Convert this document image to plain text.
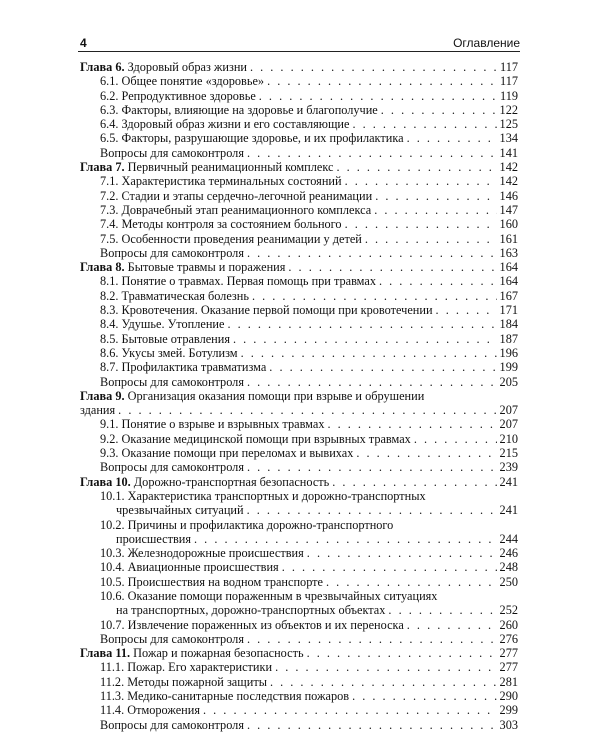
4	Оглавление
Глава 6. Здоровый образ жизни . . .	117
6.1. Общее понятие «здоровье» . . .	117
6.2. Репродуктивное здоровье . . .	119
6.3. Факторы, влияющие на здоровье и благополучие . . .	122
6.4. Здоровый образ жизни и его составляющие . . .	125
6.5. Факторы, разрушающие здоровье, и их профилактика . . .	134
Вопросы для самоконтроля . . .	141
Глава 7. Первичный реанимационный комплекс . . .	142
7.1. Характеристика терминальных состояний . . .	142
7.2. Стадии и этапы сердечно-легочной реанимации . . .	146
7.3. Доврачебный этап реанимационного комплекса . . .	147
7.4. Методы контроля за состоянием больного . . .	160
7.5. Особенности проведения реанимации у детей . . .	161
Вопросы для самоконтроля . . .	163
Глава 8. Бытовые травмы и поражения . . .	164
8.1. Понятие о травмах. Первая помощь при травмах . . .	164
8.2. Травматическая болезнь . . .	167
8.3. Кровотечения. Оказание первой помощи при кровотечении . . .	171
8.4. Удушье. Утопление . . .	184
8.5. Бытовые отравления . . .	187
8.6. Укусы змей. Ботулизм . . .	196
8.7. Профилактика травматизма . . .	199
Вопросы для самоконтроля . . .	205
Глава 9. Организация оказания помощи при взрыве и обрушении
здания . . .	207
9.1. Понятие о взрыве и взрывных травмах . . .	207
9.2. Оказание медицинской помощи при взрывных травмах . . .	210
9.3. Оказание помощи при переломах и вывихах . . .	215
Вопросы для самоконтроля . . .	239
Глава 10. Дорожно-транспортная безопасность . . .	241
10.1. Характеристика транспортных и дорожно-транспортных
чрезвычайных ситуаций . . .	241
10.2. Причины и профилактика дорожно-транспортного
происшествия . . .	244
10.3. Железнодорожные происшествия . . .	246
10.4. Авиационные происшествия . . .	248
10.5. Происшествия на водном транспорте . . .	250
10.6. Оказание помощи пораженным в чрезвычайных ситуациях
на транспортных, дорожно-транспортных объектах . . .	252
10.7. Извлечение пораженных из объектов и их переноска . . .	260
Вопросы для самоконтроля . . .	276
Глава 11. Пожар и пожарная безопасность . . .	277
11.1. Пожар. Его характеристики . . .	277
11.2. Методы пожарной защиты . . .	281
11.3. Медико-санитарные последствия пожаров . . .	290
11.4. Отморожения . . .	299
Вопросы для самоконтроля . . .	303
